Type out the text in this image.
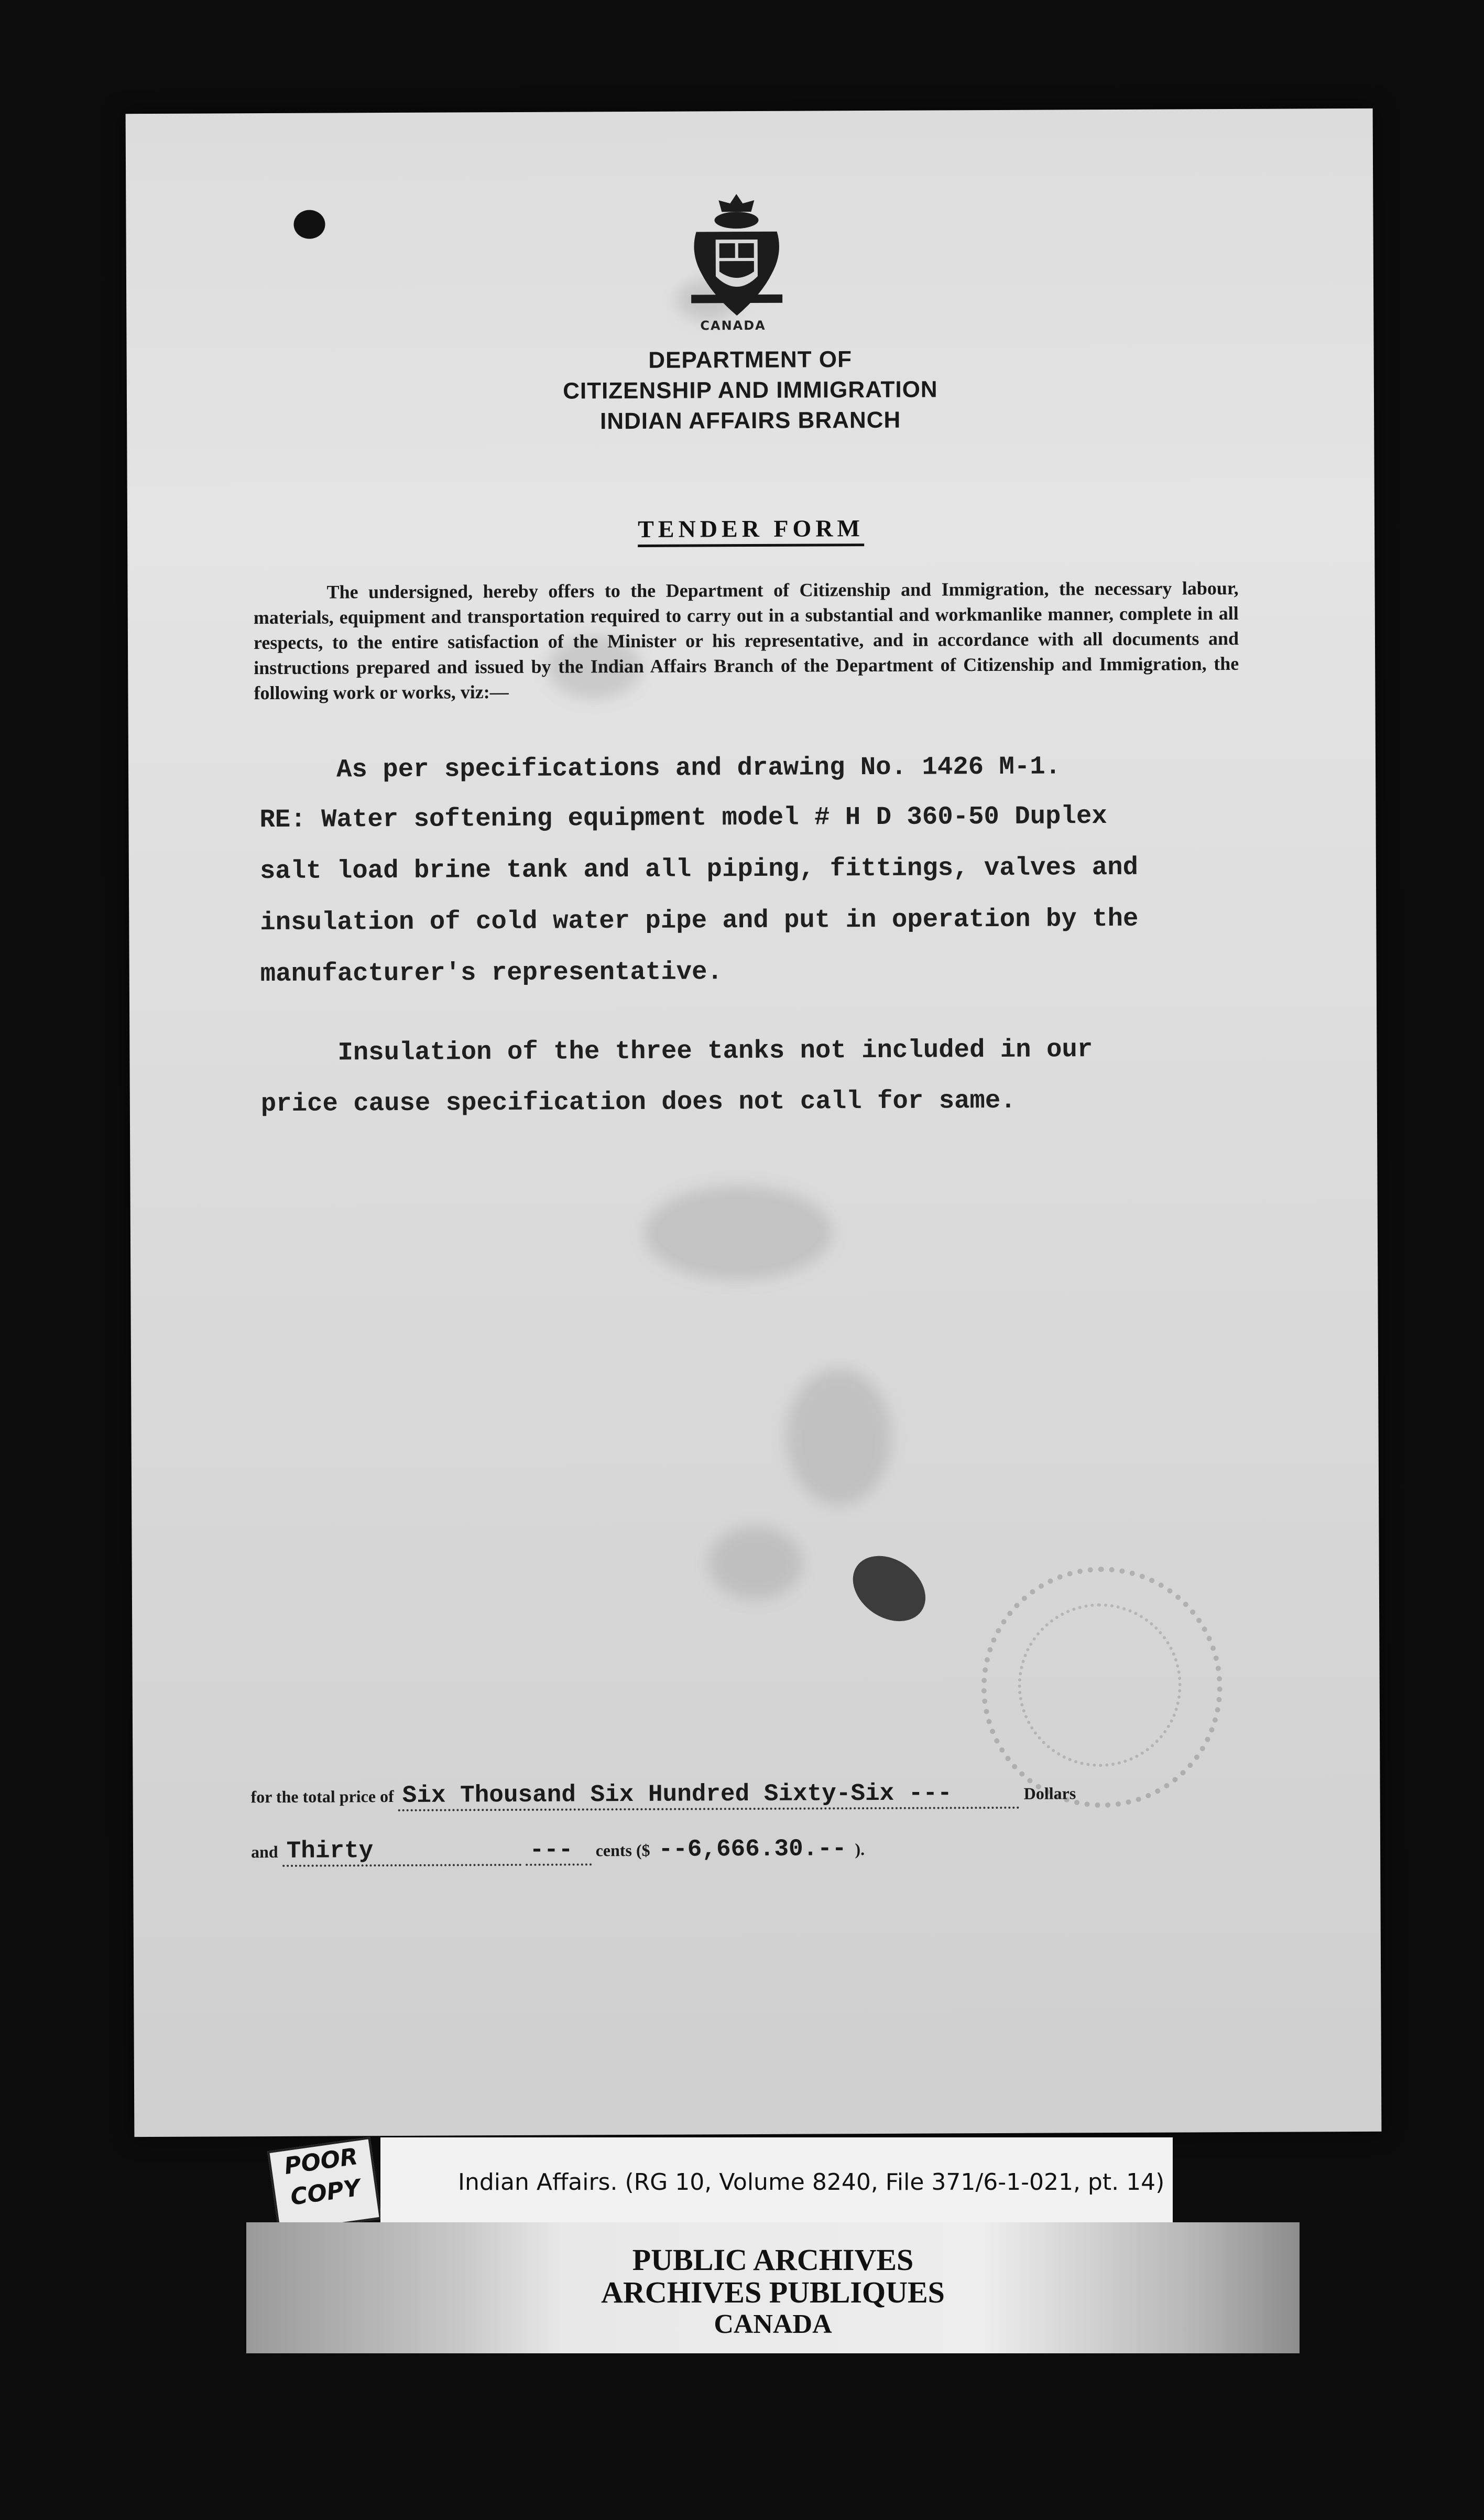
CANADA
DEPARTMENT OF
CITIZENSHIP AND IMMIGRATION
INDIAN AFFAIRS BRANCH
TENDER FORM
The undersigned, hereby offers to the Department of Citizenship and Immigration, the necessary labour, materials, equipment and transportation required to carry out in a substantial and workmanlike manner, complete in all respects, to the entire satisfaction of the Minister or his representative, and in accordance with all documents and instructions prepared and issued by the Indian Affairs Branch of the Department of Citizenship and Immigration, the following work or works, viz:—
As per specifications and drawing No. 1426 M-1.
RE: Water softening equipment model # H D 360-50 Duplex
salt load brine tank and all piping, fittings, valves and
insulation of cold water pipe and put in operation by the
manufacturer's representative.
Insulation of the three tanks not included in our
price cause specification does not call for same.
for the total price of Six Thousand Six Hundred Sixty-Six ---	Dollars
and Thirty	--- cents ($ --6,666.30.-- ).
POOR
COPY	Indian Affairs. (RG 10, Volume 8240, File 371/6-1-021, pt. 14)
PUBLIC ARCHIVES
ARCHIVES PUBLIQUES
CANADA
